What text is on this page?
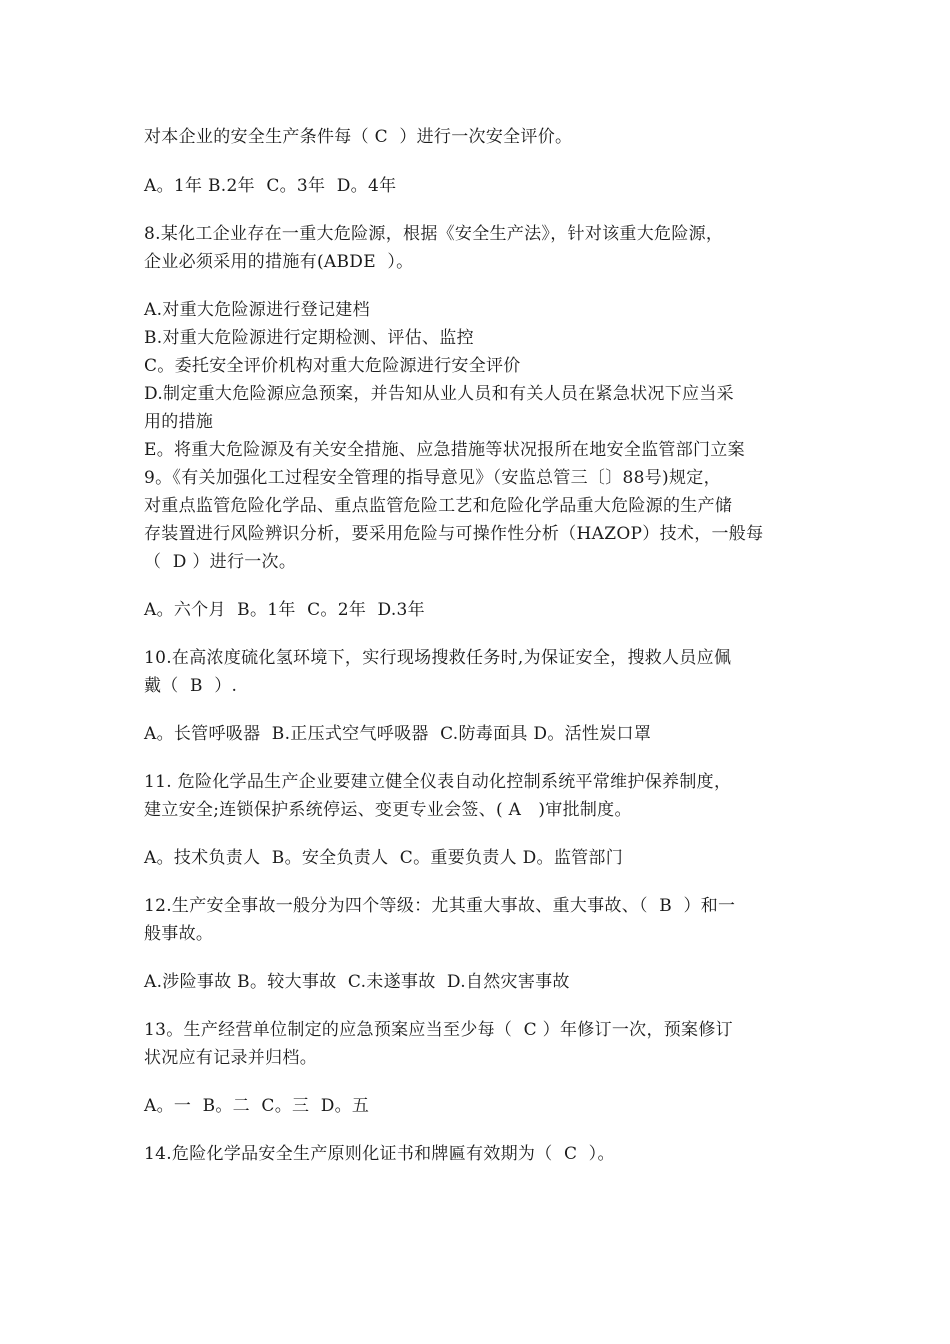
对本企业的安全生产条件每（ C  ）进行一次安全评价。
A。1年 B.2年  C。3年  D。4年
8.某化工企业存在一重大危险源，根据《安全生产法》，针对该重大危险源，
企业必须采用的措施有(ABDE  ）。
A.对重大危险源进行登记建档
B.对重大危险源进行定期检测、评估、监控
C。委托安全评价机构对重大危险源进行安全评价
D.制定重大危险源应急预案，并告知从业人员和有关人员在紧急状况下应当采
用的措施
E。将重大危险源及有关安全措施、应急措施等状况报所在地安全监管部门立案
9。《有关加强化工过程安全管理的指导意见》（安监总管三〔〕88号)规定，
对重点监管危险化学品、重点监管危险工艺和危险化学品重大危险源的生产储
存装置进行风险辨识分析，要采用危险与可操作性分析（HAZOP）技术，一般每
（  D ）进行一次。
A。六个月  B。1年  C。2年  D.3年
10.在高浓度硫化氢环境下，实行现场搜救任务时,为保证安全，搜救人员应佩
戴（  B  ）.
A。长管呼吸器  B.正压式空气呼吸器  C.防毒面具 D。活性炭口罩
11. 危险化学品生产企业要建立健全仪表自动化控制系统平常维护保养制度，
建立安全;连锁保护系统停运、变更专业会签、( A   )审批制度。
A。技术负责人  B。安全负责人  C。重要负责人 D。监管部门
12.生产安全事故一般分为四个等级：尤其重大事故、重大事故、（  B  ）和一
般事故。
A.涉险事故 B。较大事故  C.未遂事故  D.自然灾害事故
13。生产经营单位制定的应急预案应当至少每（  C ）年修订一次，预案修订
状况应有记录并归档。
A。一  B。二  C。三  D。五
14.危险化学品安全生产原则化证书和牌匾有效期为（  C  ）。
